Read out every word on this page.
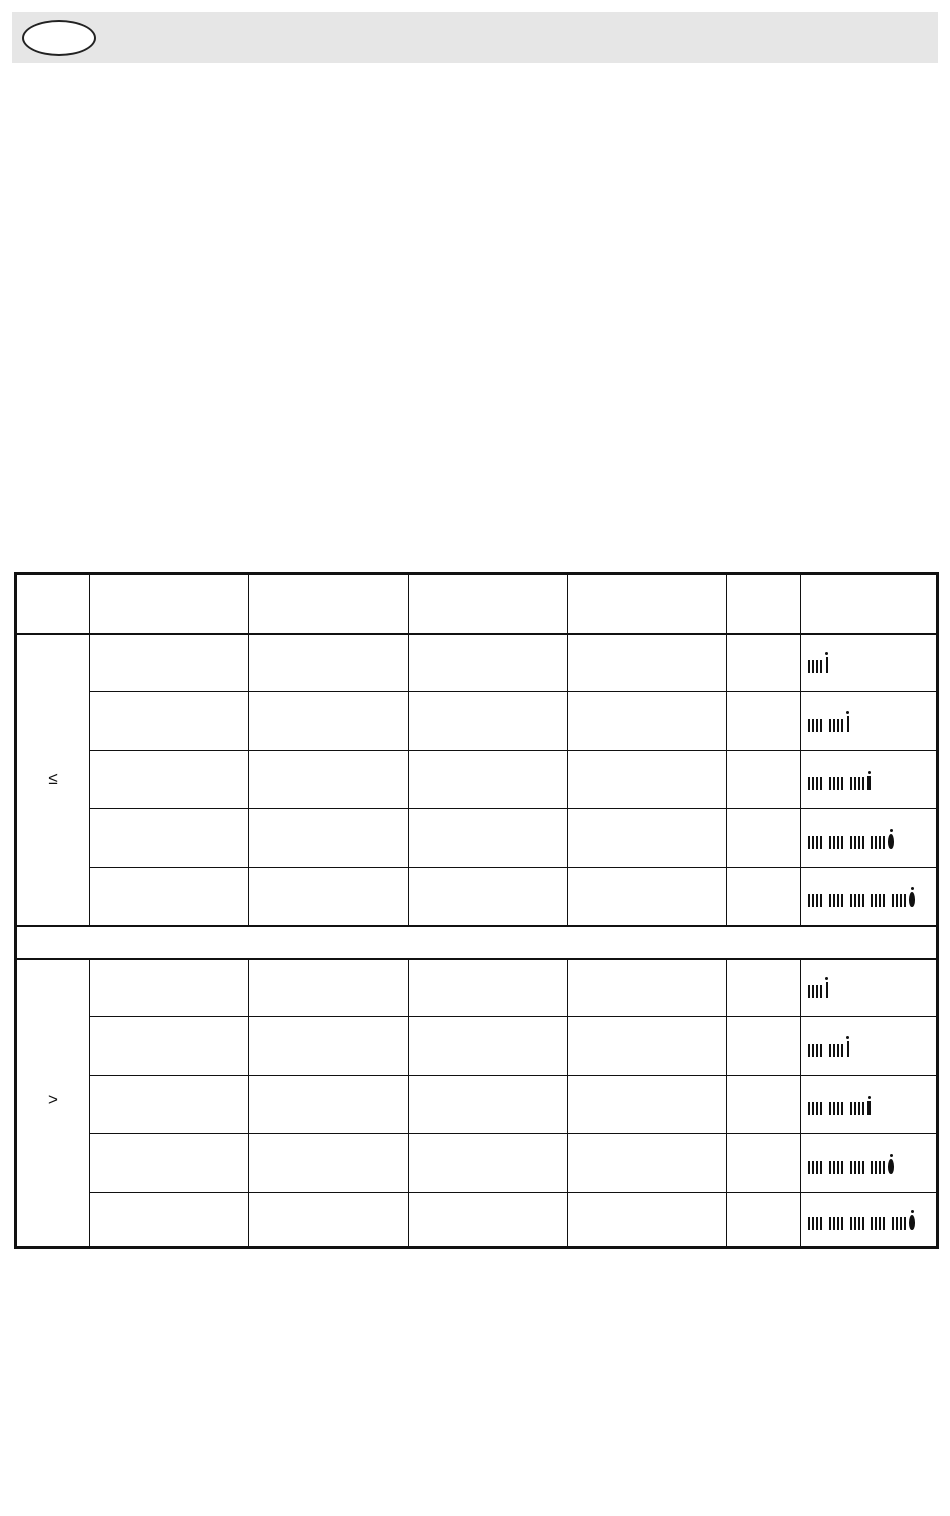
≤
>
